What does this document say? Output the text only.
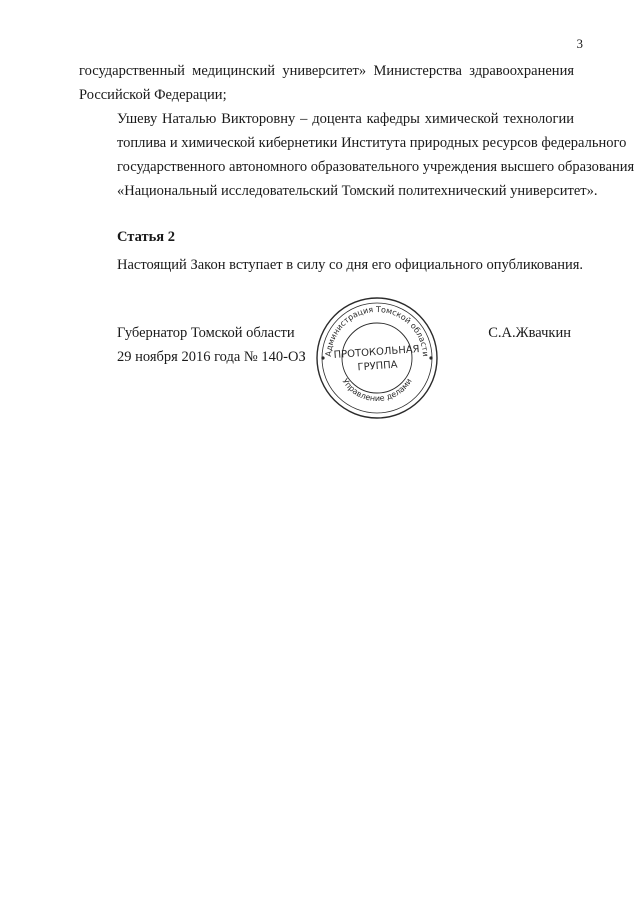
3
государственный медицинский университет» Министерства здравоохранения
Российской Федерации;
Ушеву Наталью Викторовну – доцента кафедры химической технологии
топлива и химической кибернетики Института природных ресурсов федерального
государственного автономного образовательного учреждения высшего образования
«Национальный исследовательский Томский политехнический университет».
Статья 2
Настоящий Закон вступает в силу со дня его официального опубликования.
Губернатор Томской области
29 ноября 2016 года № 140-ОЗ
С.А.Жвачкин
Администрация Томской области
Управление делами
ПРОТОКОЛЬНАЯ
ГРУППА
